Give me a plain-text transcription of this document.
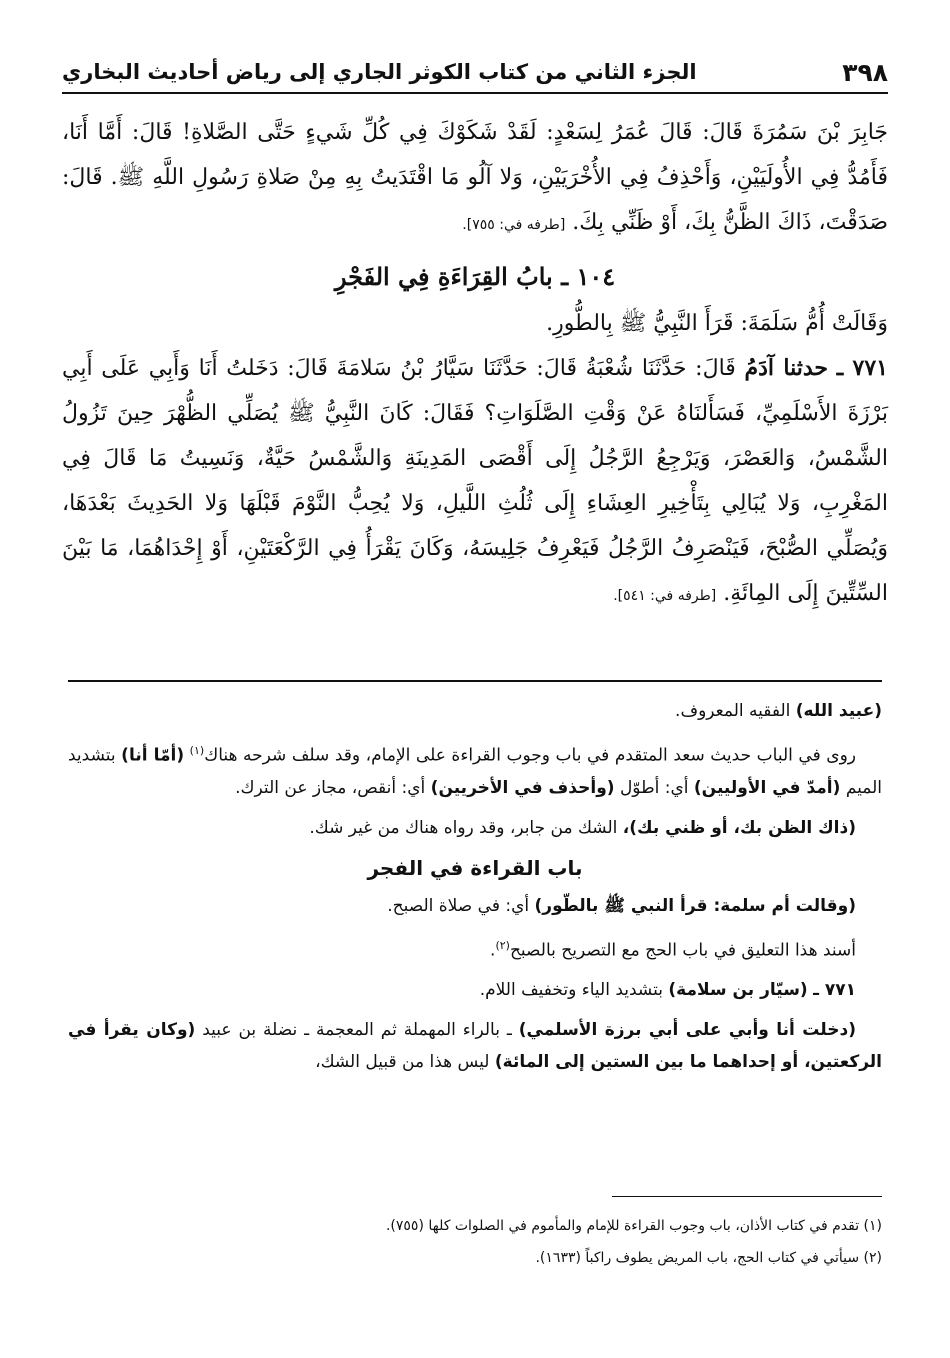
٣٩٨
الجزء الثاني من كتاب الكوثر الجاري إلى رياض أحاديث البخاري

جَابِرَ بْنَ سَمُرَةَ قَالَ: قَالَ عُمَرُ لِسَعْدٍ: لَقَدْ شَكَوْكَ فِي كُلِّ شَيءٍ حَتَّى الصَّلاةِ! قَالَ: أَمَّا أَنَا، فَأَمُدُّ فِي الأُولَيَيْنِ، وَأَحْذِفُ فِي الأُخْرَيَيْنِ، وَلا آلُو مَا اقْتَدَيتُ بِهِ مِنْ صَلاةِ رَسُولِ اللَّهِ ﷺ. قَالَ: صَدَقْتَ، ذَاكَ الظَّنُّ بِكَ، أَوْ ظَنِّي بِكَ. [طرفه في: ٧٥٥].

١٠٤ ـ بابُ القِرَاءَةِ فِي الفَجْرِ

وَقَالَتْ أُمُّ سَلَمَةَ: قَرَأَ النَّبِيُّ ﷺ بِالطُّورِ.

٧٧١ ـ حدثنا آدَمُ قَالَ: حَدَّثَنَا شُعْبَةُ قَالَ: حَدَّثَنَا سَيَّارُ بْنُ سَلامَةَ قَالَ: دَخَلتُ أَنَا وَأَبِي عَلَى أَبِي بَرْزَةَ الأَسْلَمِيِّ، فَسَأَلنَاهُ عَنْ وَقْتِ الصَّلَوَاتِ؟ فَقَالَ: كَانَ النَّبِيُّ ﷺ يُصَلِّي الظُّهْرَ حِينَ تَزُولُ الشَّمْسُ، وَالعَصْرَ، وَيَرْجِعُ الرَّجُلُ إِلَى أَقْصَى المَدِينَةِ وَالشَّمْسُ حَيَّةٌ، وَنَسِيتُ مَا قَالَ فِي المَغْرِبِ، وَلا يُبَالِي بِتَأْخِيرِ العِشَاءِ إِلَى ثُلُثِ اللَّيلِ، وَلا يُحِبُّ النَّوْمَ قَبْلَهَا وَلا الحَدِيثَ بَعْدَهَا، وَيُصَلِّي الصُّبْحَ، فَيَنْصَرِفُ الرَّجُلُ فَيَعْرِفُ جَلِيسَهُ، وَكَانَ يَقْرَأُ فِي الرَّكْعَتَيْنِ، أَوْ إِحْدَاهُمَا، مَا بَيْنَ السِّتِّينَ إِلَى المِائَةِ. [طرفه في: ٥٤١].

(عبيد الله) الفقيه المعروف.

روى في الباب حديث سعد المتقدم في باب وجوب القراءة على الإمام، وقد سلف شرحه هناك$^{(١)}$ (أمّا أنا) بتشديد الميم (أمدّ في الأوليين) أي: أطوّل (وأحذف في الأخريين) أي: أنقص، مجاز عن الترك.

(ذاك الظن بك، أو ظني بك)، الشك من جابر، وقد رواه هناك من غير شك.

باب القراءة في الفجر

(وقالت أم سلمة: قرأ النبي ﷺ بالطّور) أي: في صلاة الصبح.

أسند هذا التعليق في باب الحج مع التصريح بالصبح$^{(٢)}$.

٧٧١ ـ (سيّار بن سلامة) بتشديد الياء وتخفيف اللام.

(دخلت أنا وأبي على أبي برزة الأسلمي) ـ بالراء المهملة ثم المعجمة ـ نضلة بن عبيد (وكان يقرأ في الركعتين، أو إحداهما ما بين الستين إلى المائة) ليس هذا من قبيل الشك،

(١) تقدم في كتاب الأذان، باب وجوب القراءة للإمام والمأموم في الصلوات كلها (٧٥٥).

(٢) سيأتي في كتاب الحج، باب المريض يطوف راكباً (١٦٣٣).
